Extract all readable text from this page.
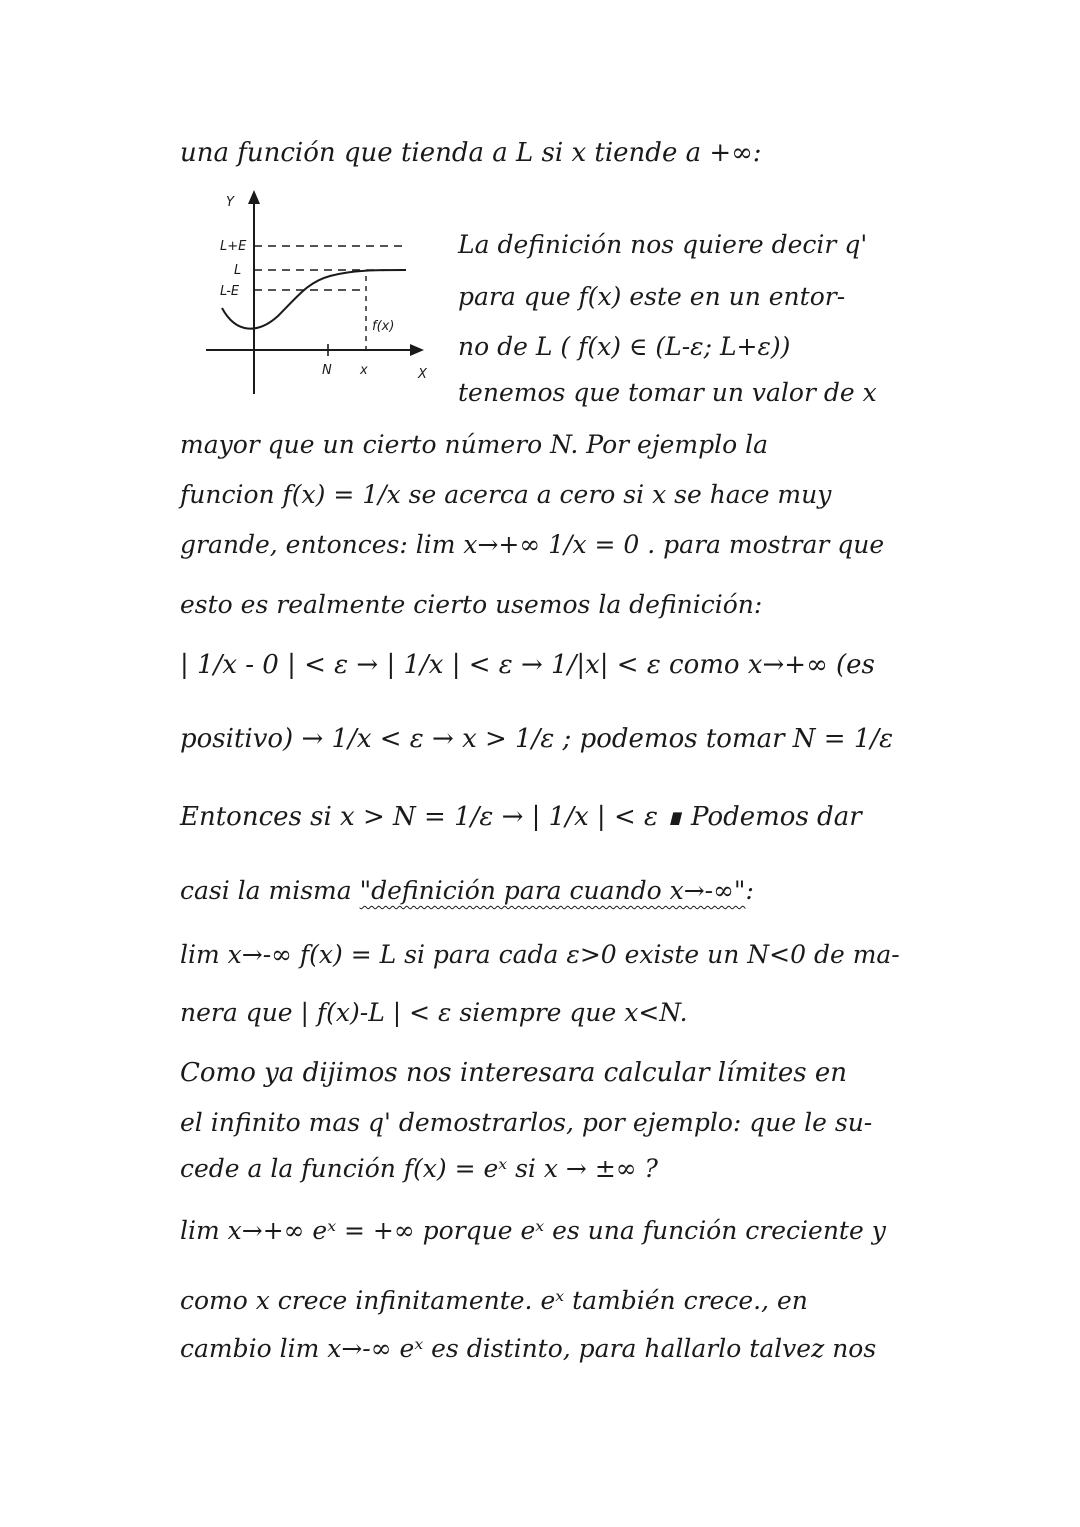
una función que tienda a L si x tiende a +∞:
Y
L+E
L
L-E
f(x)
N x	X
La definición nos quiere decir q'
para que f(x) este en un entor-
no de L ( f(x) ∈ (L-ε; L+ε))
tenemos que tomar un valor de x
mayor que un cierto número N. Por ejemplo la
funcion f(x) = 1/x se acerca a cero si x se hace muy
grande, entonces: lim x→+∞ 1/x = 0 . para mostrar que
esto es realmente cierto usemos la definición:
| 1/x - 0 | < ε → | 1/x | < ε → 1/|x| < ε como x→+∞ (es
positivo) → 1/x < ε → x > 1/ε ; podemos tomar N = 1/ε
Entonces si x > N = 1/ε → | 1/x | < ε ∎ Podemos dar
casi la misma "definición para cuando x→-∞":
lim x→-∞ f(x) = L si para cada ε>0 existe un N<0 de ma-
nera que | f(x)-L | < ε siempre que x<N.
Como ya dijimos nos interesara calcular límites en
el infinito mas q' demostrarlos, por ejemplo: que le su-
cede a la función f(x) = eˣ si x → ±∞ ?
lim x→+∞ eˣ = +∞ porque eˣ es una función creciente y
como x crece infinitamente. eˣ también crece., en
cambio lim x→-∞ eˣ es distinto, para hallarlo talvez nos
